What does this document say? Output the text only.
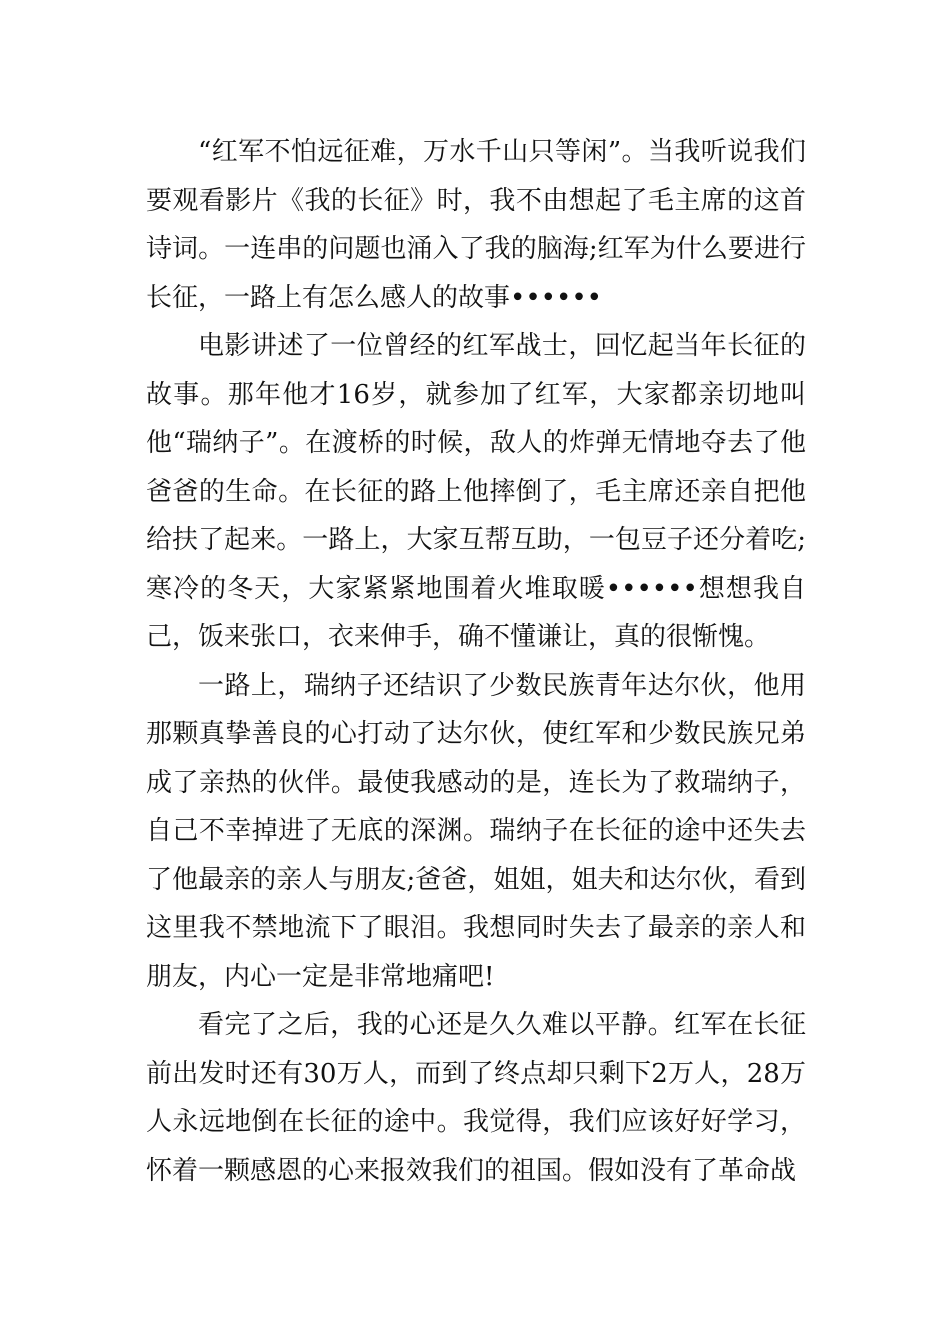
“红军不怕远征难，万水千山只等闲”。当我听说我们要观看影片《我的长征》时，我不由想起了毛主席的这首诗词。一连串的问题也涌入了我的脑海;红军为什么要进行长征，一路上有怎么感人的故事••••••

电影讲述了一位曾经的红军战士，回忆起当年长征的故事。那年他才16岁，就参加了红军，大家都亲切地叫他“瑞纳子”。在渡桥的时候，敌人的炸弹无情地夺去了他爸爸的生命。在长征的路上他摔倒了，毛主席还亲自把他给扶了起来。一路上，大家互帮互助，一包豆子还分着吃;寒冷的冬天，大家紧紧地围着火堆取暖••••••想想我自己，饭来张口，衣来伸手，确不懂谦让，真的很惭愧。

一路上，瑞纳子还结识了少数民族青年达尔伙，他用那颗真挚善良的心打动了达尔伙，使红军和少数民族兄弟成了亲热的伙伴。最使我感动的是，连长为了救瑞纳子，自己不幸掉进了无底的深渊。瑞纳子在长征的途中还失去了他最亲的亲人与朋友;爸爸，姐姐，姐夫和达尔伙，看到这里我不禁地流下了眼泪。我想同时失去了最亲的亲人和朋友，内心一定是非常地痛吧!

看完了之后，我的心还是久久难以平静。红军在长征前出发时还有30万人，而到了终点却只剩下2万人，28万人永远地倒在长征的途中。我觉得，我们应该好好学习，怀着一颗感恩的心来报效我们的祖国。假如没有了革命战
